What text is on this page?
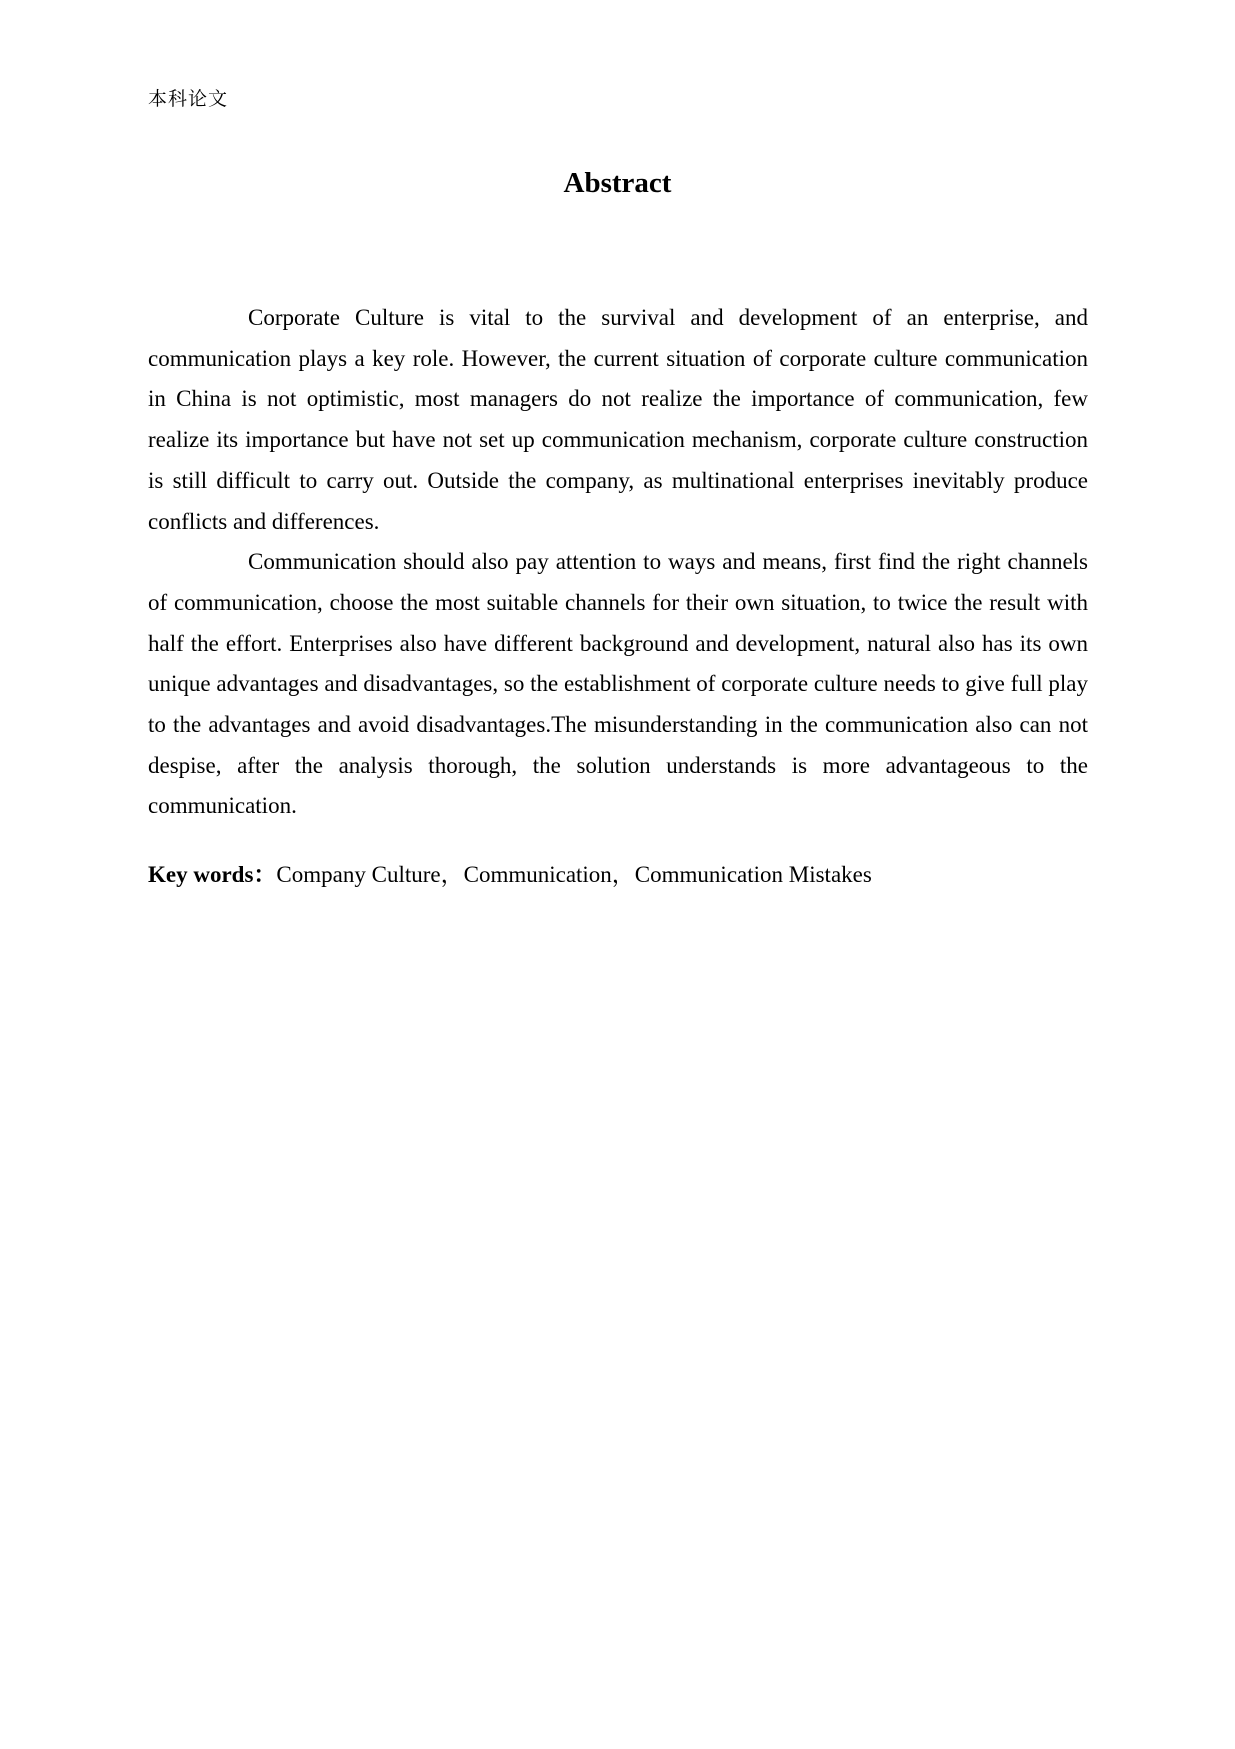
本科论文
Abstract

Corporate Culture is vital to the survival and development of an enterprise, and communication plays a key role. However, the current situation of corporate culture communication in China is not optimistic, most managers do not realize the importance of communication, few realize its importance but have not set up communication mechanism, corporate culture construction is still difficult to carry out. Outside the company, as multinational enterprises inevitably produce conflicts and differences.

Communication should also pay attention to ways and means, first find the right channels of communication, choose the most suitable channels for their own situation, to twice the result with half the effort. Enterprises also have different background and development, natural also has its own unique advantages and disadvantages, so the establishment of corporate culture needs to give full play to the advantages and avoid disadvantages.The misunderstanding in the communication also can not despise, after the analysis thorough, the solution understands is more advantageous to the communication.

Key words：Company Culture，Communication，Communication Mistakes
